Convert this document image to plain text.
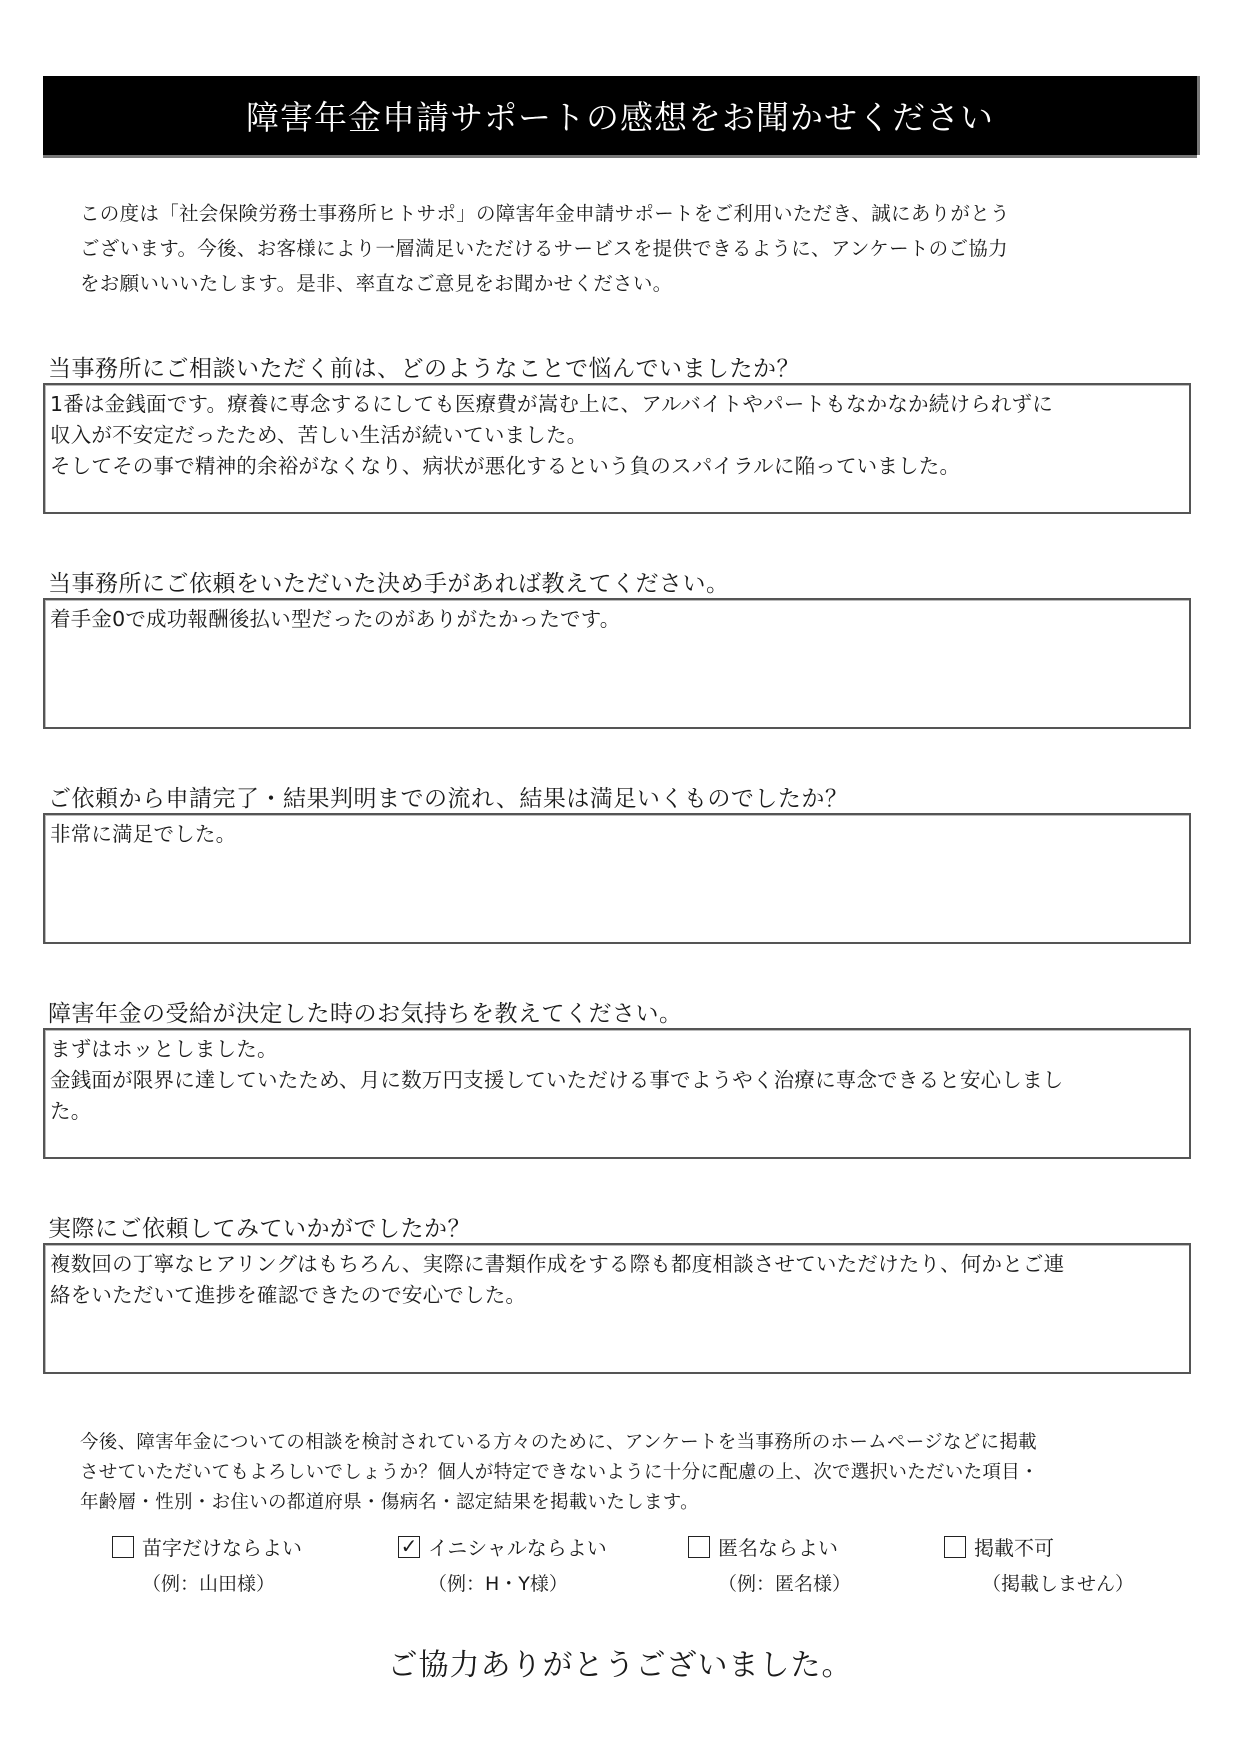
障害年金申請サポートの感想をお聞かせください
この度は「社会保険労務士事務所ヒトサポ」の障害年金申請サポートをご利用いただき、誠にありがとう
ございます。今後、お客様により一層満足いただけるサービスを提供できるように、アンケートのご協力
をお願いいいたします。是非、率直なご意見をお聞かせください。
当事務所にご相談いただく前は、どのようなことで悩んでいましたか？
1番は金銭面です。療養に専念するにしても医療費が嵩む上に、アルバイトやパートもなかなか続けられずに
収入が不安定だったため、苦しい生活が続いていました。
そしてその事で精神的余裕がなくなり、病状が悪化するという負のスパイラルに陥っていました。
当事務所にご依頼をいただいた決め手があれば教えてください。
着手金0で成功報酬後払い型だったのがありがたかったです。
ご依頼から申請完了・結果判明までの流れ、結果は満足いくものでしたか？
非常に満足でした。
障害年金の受給が決定した時のお気持ちを教えてください。
まずはホッとしました。
金銭面が限界に達していたため、月に数万円支援していただける事でようやく治療に専念できると安心しまし
た。
実際にご依頼してみていかがでしたか？
複数回の丁寧なヒアリングはもちろん、実際に書類作成をする際も都度相談させていただけたり、何かとご連
絡をいただいて進捗を確認できたので安心でした。
今後、障害年金についての相談を検討されている方々のために、アンケートを当事務所のホームページなどに掲載
させていただいてもよろしいでしょうか？個人が特定できないように十分に配慮の上、次で選択いただいた項目・
年齢層・性別・お住いの都道府県・傷病名・認定結果を掲載いたします。
苗字だけならよい
（例：山田様）
✓ イニシャルならよい
（例：H・Y様）
匿名ならよい
（例：匿名様）
掲載不可
（掲載しません）
ご協力ありがとうございました。
